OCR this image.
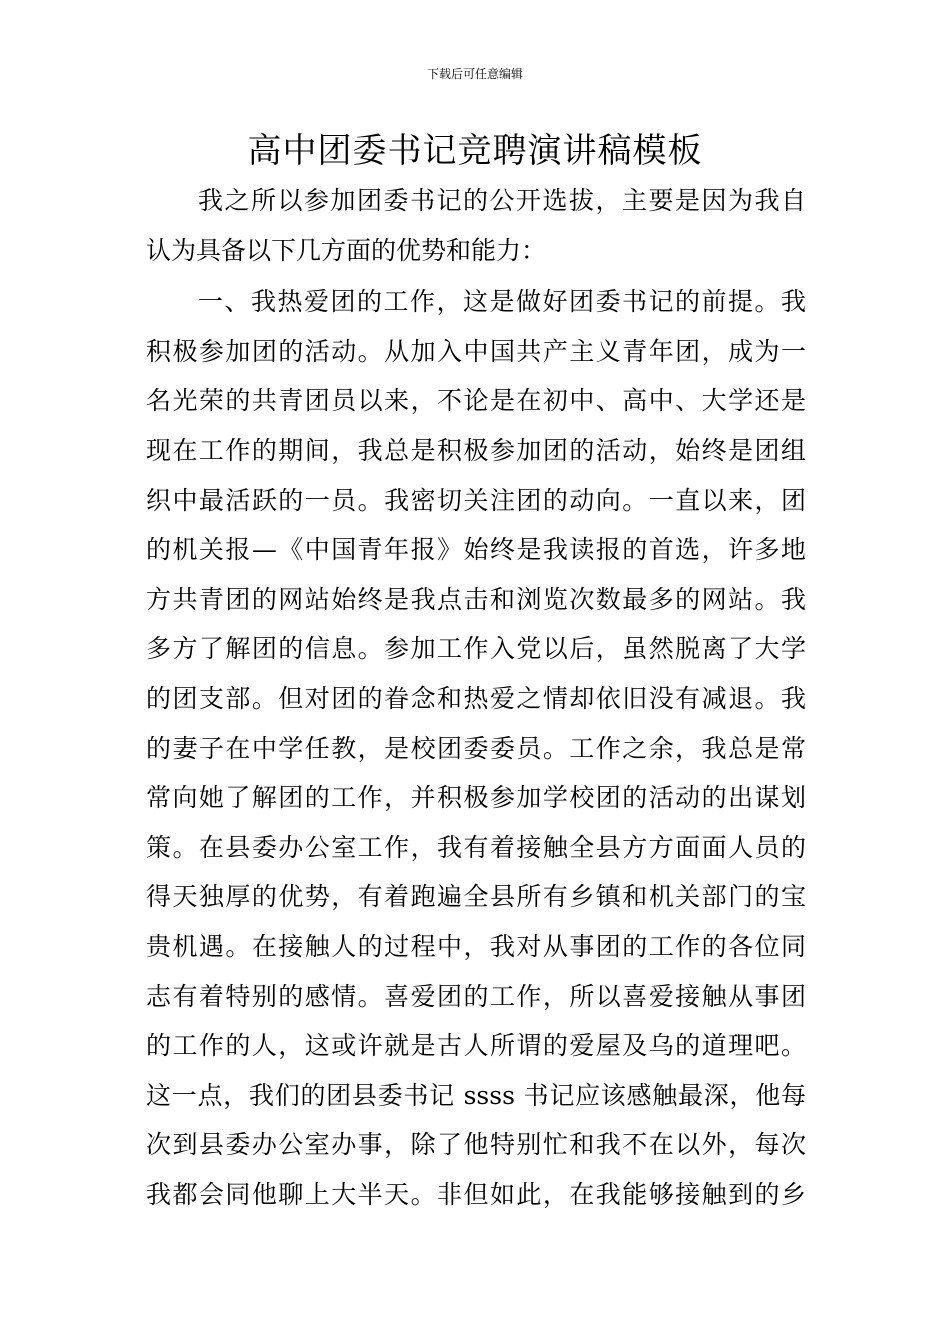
下载后可任意编辑
高中团委书记竞聘演讲稿模板
我之所以参加团委书记的公开选拔，主要是因为我自
认为具备以下几方面的优势和能力：
一、我热爱团的工作，这是做好团委书记的前提。我
积极参加团的活动。从加入中国共产主义青年团，成为一
名光荣的共青团员以来，不论是在初中、高中、大学还是
现在工作的期间，我总是积极参加团的活动，始终是团组
织中最活跃的一员。我密切关注团的动向。一直以来，团
的机关报—《中国青年报》始终是我读报的首选，许多地
方共青团的网站始终是我点击和浏览次数最多的网站。我
多方了解团的信息。参加工作入党以后，虽然脱离了大学
的团支部。但对团的眷念和热爱之情却依旧没有减退。我
的妻子在中学任教，是校团委委员。工作之余，我总是常
常向她了解团的工作，并积极参加学校团的活动的出谋划
策。在县委办公室工作，我有着接触全县方方面面人员的
得天独厚的优势，有着跑遍全县所有乡镇和机关部门的宝
贵机遇。在接触人的过程中，我对从事团的工作的各位同
志有着特别的感情。喜爱团的工作，所以喜爱接触从事团
的工作的人，这或许就是古人所谓的爱屋及乌的道理吧。
这一点，我们的团县委书记 ssss 书记应该感触最深，他每
次到县委办公室办事，除了他特别忙和我不在以外，每次
我都会同他聊上大半天。非但如此，在我能够接触到的乡
